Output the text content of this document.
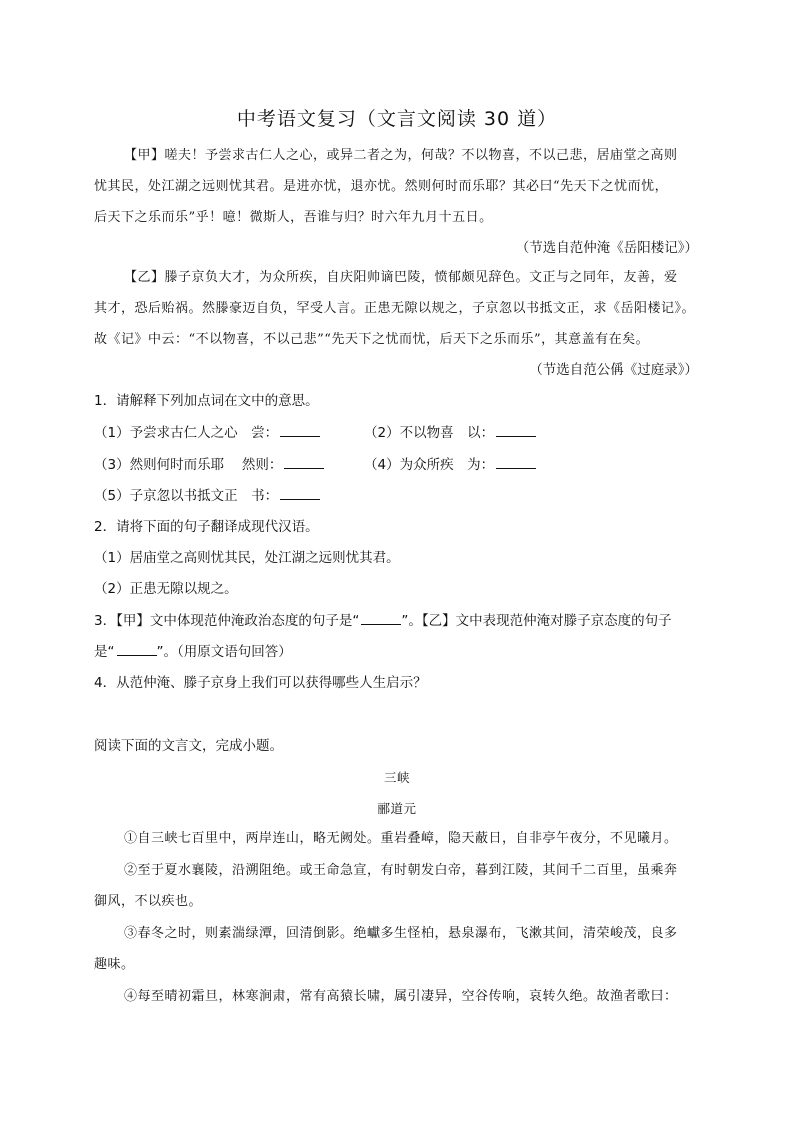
中考语文复习（文言文阅读 30 道）
【甲】嗟夫！予尝求古仁人之心，或异二者之为，何哉？不以物喜，不以己悲，居庙堂之高则
忧其民，处江湖之远则忧其君。是进亦忧，退亦忧。然则何时而乐耶？其必曰“先天下之忧而忧，
后天下之乐而乐”乎！噫！微斯人，吾谁与归？时六年九月十五日。
（节选自范仲淹《岳阳楼记》）
【乙】滕子京负大才，为众所疾，自庆阳帅谪巴陵，愤郁颇见辞色。文正与之同年，友善，爱
其才，恐后贻祸。然滕豪迈自负，罕受人言。正患无隙以规之，子京忽以书抵文正，求《岳阳楼记》。
故《记》中云：“不以物喜，不以己悲”“先天下之忧而忧，后天下之乐而乐”，其意盖有在矣。
（节选自范公偁《过庭录》）
1．请解释下列加点词在文中的意思。
（1）予尝求古仁人之心　尝：	（2）不以物喜　以：
（3）然则何时而乐耶　 然则：	（4）为众所疾　为：
（5）子京忽以书抵文正　书：
2．请将下面的句子翻译成现代汉语。
（1）居庙堂之高则忧其民，处江湖之远则忧其君。
（2）正患无隙以规之。
3．【甲】文中体现范仲淹政治态度的句子是“	”。【乙】文中表现范仲淹对滕子京态度的句子
是“	”。（用原文语句回答）
4．从范仲淹、滕子京身上我们可以获得哪些人生启示？
阅读下面的文言文，完成小题。
三峡
郦道元
①自三峡七百里中，两岸连山，略无阙处。重岩叠嶂，隐天蔽日，自非亭午夜分，不见曦月。
②至于夏水襄陵，沿溯阻绝。或王命急宣，有时朝发白帝，暮到江陵，其间千二百里，虽乘奔
御风，不以疾也。
③春冬之时，则素湍绿潭，回清倒影。绝巘多生怪柏，悬泉瀑布，飞漱其间，清荣峻茂，良多
趣味。
④每至晴初霜旦，林寒涧肃，常有高猿长啸，属引凄异，空谷传响，哀转久绝。故渔者歌曰：
